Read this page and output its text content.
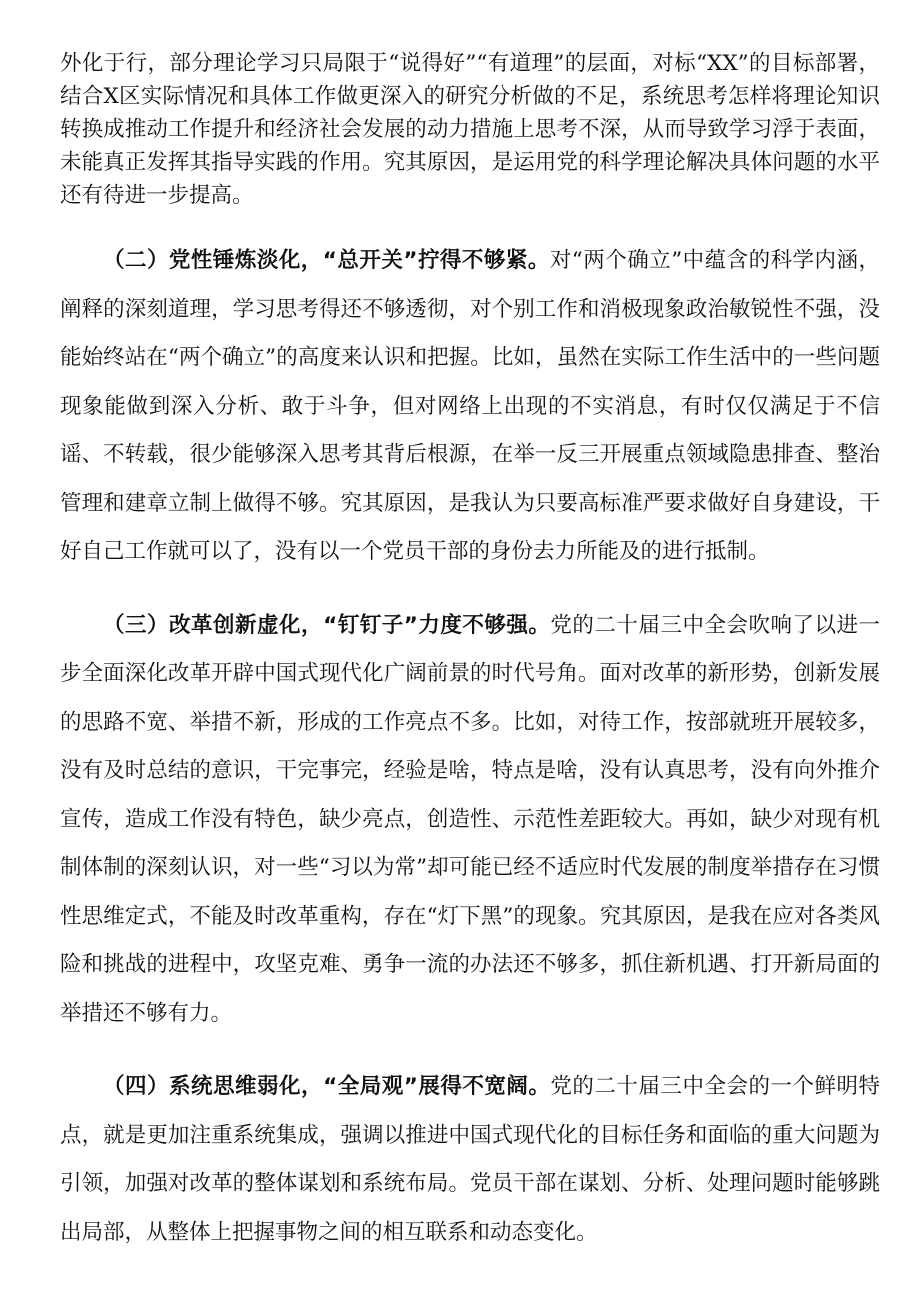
外化于行，部分理论学习只局限于“说得好”“有道理”的层面，对标“XX”的目标部署，结合X区实际情况和具体工作做更深入的研究分析做的不足，系统思考怎样将理论知识转换成推动工作提升和经济社会发展的动力措施上思考不深，从而导致学习浮于表面，未能真正发挥其指导实践的作用。究其原因，是运用党的科学理论解决具体问题的水平还有待进一步提高。

（二）党性锤炼淡化，“总开关”拧得不够紧。对“两个确立”中蕴含的科学内涵，阐释的深刻道理，学习思考得还不够透彻，对个别工作和消极现象政治敏锐性不强，没能始终站在“两个确立”的高度来认识和把握。比如，虽然在实际工作生活中的一些问题现象能做到深入分析、敢于斗争，但对网络上出现的不实消息，有时仅仅满足于不信谣、不转载，很少能够深入思考其背后根源，在举一反三开展重点领域隐患排查、整治管理和建章立制上做得不够。究其原因，是我认为只要高标准严要求做好自身建设，干好自己工作就可以了，没有以一个党员干部的身份去力所能及的进行抵制。

（三）改革创新虚化，“钉钉子”力度不够强。党的二十届三中全会吹响了以进一步全面深化改革开辟中国式现代化广阔前景的时代号角。面对改革的新形势，创新发展的思路不宽、举措不新，形成的工作亮点不多。比如，对待工作，按部就班开展较多，没有及时总结的意识，干完事完，经验是啥，特点是啥，没有认真思考，没有向外推介宣传，造成工作没有特色，缺少亮点，创造性、示范性差距较大。再如，缺少对现有机制体制的深刻认识，对一些“习以为常”却可能已经不适应时代发展的制度举措存在习惯性思维定式，不能及时改革重构，存在“灯下黑”的现象。究其原因，是我在应对各类风险和挑战的进程中，攻坚克难、勇争一流的办法还不够多，抓住新机遇、打开新局面的举措还不够有力。

（四）系统思维弱化，“全局观”展得不宽阔。党的二十届三中全会的一个鲜明特点，就是更加注重系统集成，强调以推进中国式现代化的目标任务和面临的重大问题为引领，加强对改革的整体谋划和系统布局。党员干部在谋划、分析、处理问题时能够跳出局部，从整体上把握事物之间的相互联系和动态变化。
